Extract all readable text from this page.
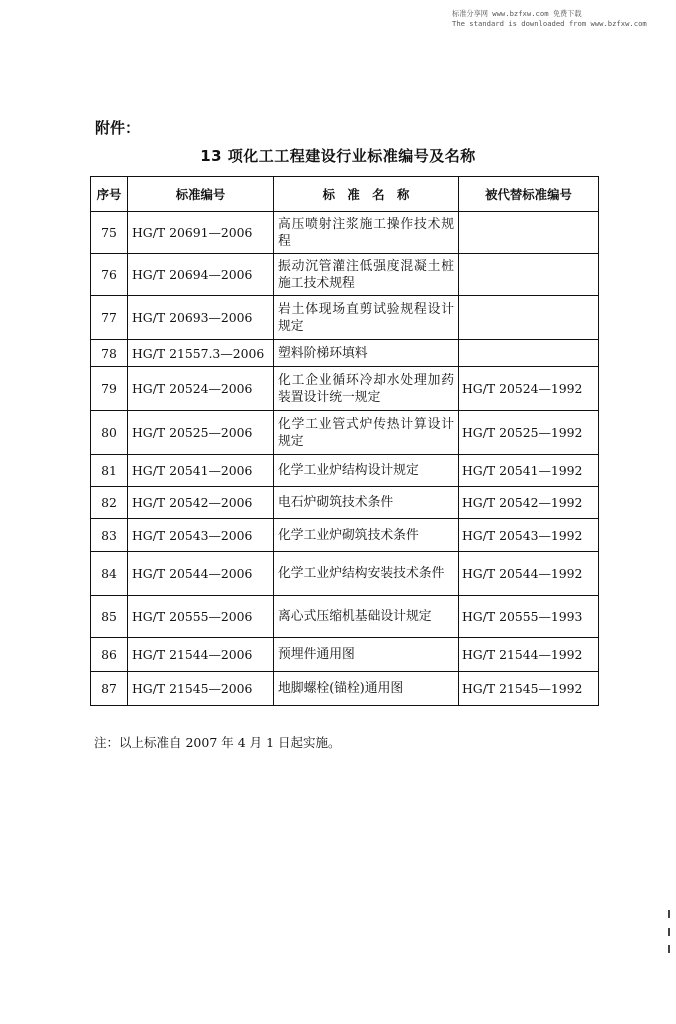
标准分享网 www.bzfxw.com 免费下载
The standard is downloaded from www.bzfxw.com
附件：
13 项化工工程建设行业标准编号及名称
序号	标准编号	标　准　名　称	被代替标准编号
75	HG/T 20691—2006	高压喷射注浆施工操作技术规程	
76	HG/T 20694—2006	振动沉管灌注低强度混凝土桩施工技术规程	
77	HG/T 20693—2006	岩土体现场直剪试验规程设计规定	
78	HG/T 21557.3—2006	塑料阶梯环填料	
79	HG/T 20524—2006	化工企业循环冷却水处理加药装置设计统一规定	HG/T 20524—1992
80	HG/T 20525—2006	化学工业管式炉传热计算设计规定	HG/T 20525—1992
81	HG/T 20541—2006	化学工业炉结构设计规定	HG/T 20541—1992
82	HG/T 20542—2006	电石炉砌筑技术条件	HG/T 20542—1992
83	HG/T 20543—2006	化学工业炉砌筑技术条件	HG/T 20543—1992
84	HG/T 20544—2006	化学工业炉结构安装技术条件	HG/T 20544—1992
85	HG/T 20555—2006	离心式压缩机基础设计规定	HG/T 20555—1993
86	HG/T 21544—2006	预埋件通用图	HG/T 21544—1992
87	HG/T 21545—2006	地脚螺栓(锚栓)通用图	HG/T 21545—1992
注：以上标准自 2007 年 4 月 1 日起实施。
